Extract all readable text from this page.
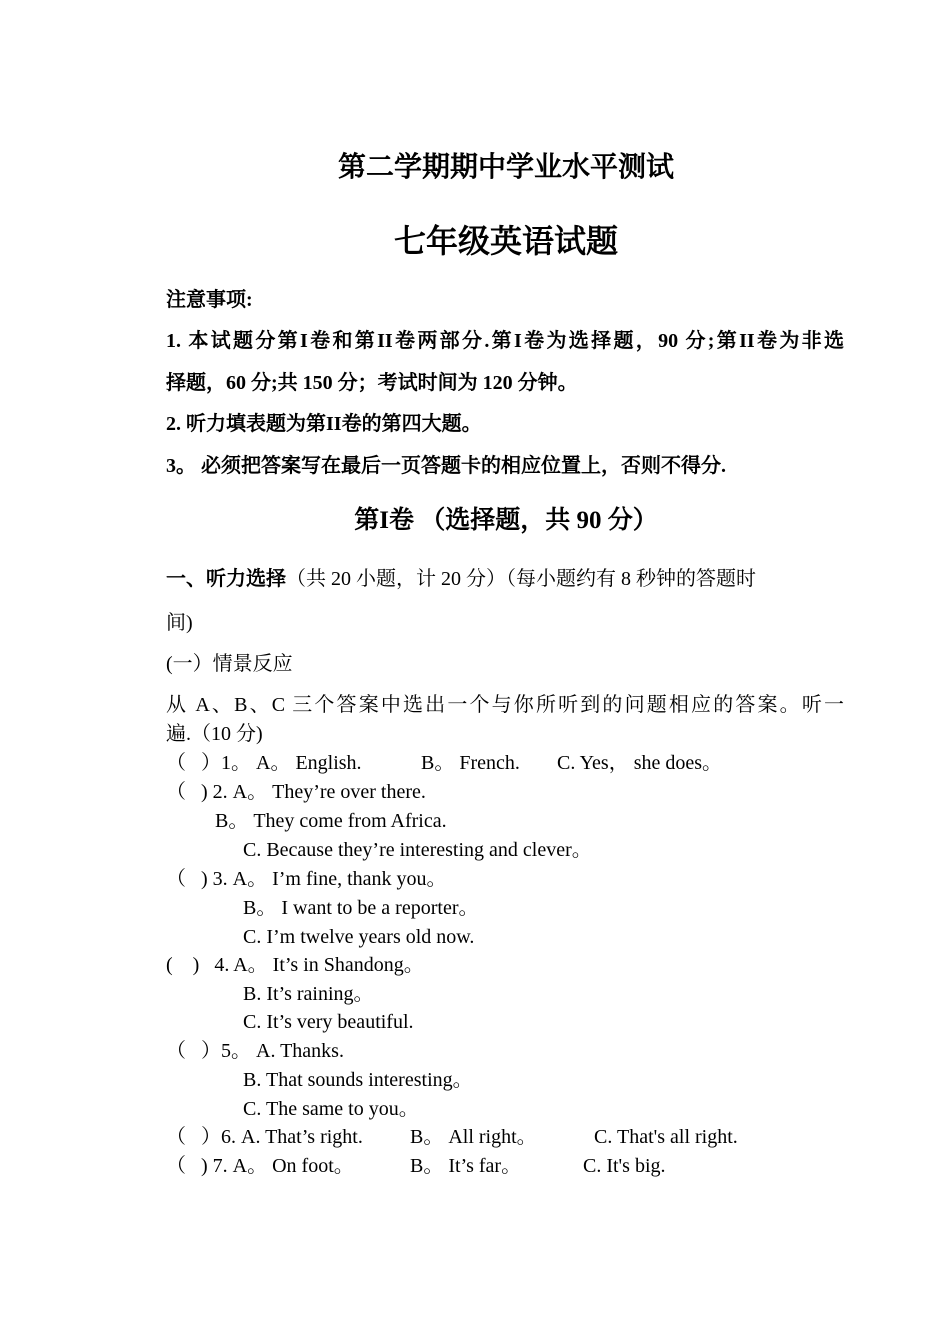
第二学期期中学业水平测试
七年级英语试题
注意事项:
1. 本试题分第I卷和第II卷两部分.第I卷为选择题，90 分;第II卷为非选
择题，60 分;共 150 分；考试时间为 120 分钟。
2. 听力填表题为第II卷的第四大题。
3。 必须把答案写在最后一页答题卡的相应位置上，否则不得分.
第I卷 （选择题，共 90 分）
一、听力选择（共 20 小题，计 20 分）（每小题约有 8 秒钟的答题时
间)
(一）情景反应
从 A、B、C 三个答案中选出一个与你所听到的问题相应的答案。听一
遍.（10 分)
（   ）1。 A。 English.	B。 French. C. Yes， she does。
（   ) 2. A。 They’re over there.
B。 They come from Africa.
C. Because they’re interesting and clever。
（   ) 3. A。 I’m fine, thank you。
B。 I want to be a reporter。
C. I’m twelve years old now.
(    )   4. A。 It’s in Shandong。
B. It’s raining。
C. It’s very beautiful.
（   ）5。 A. Thanks.
B. That sounds interesting。
C. The same to you。
（   ）6. A. That’s right. B。 All right。	C. That's all right.
（   ) 7. A。 On foot。	B。 It’s far。	C. It's big.
